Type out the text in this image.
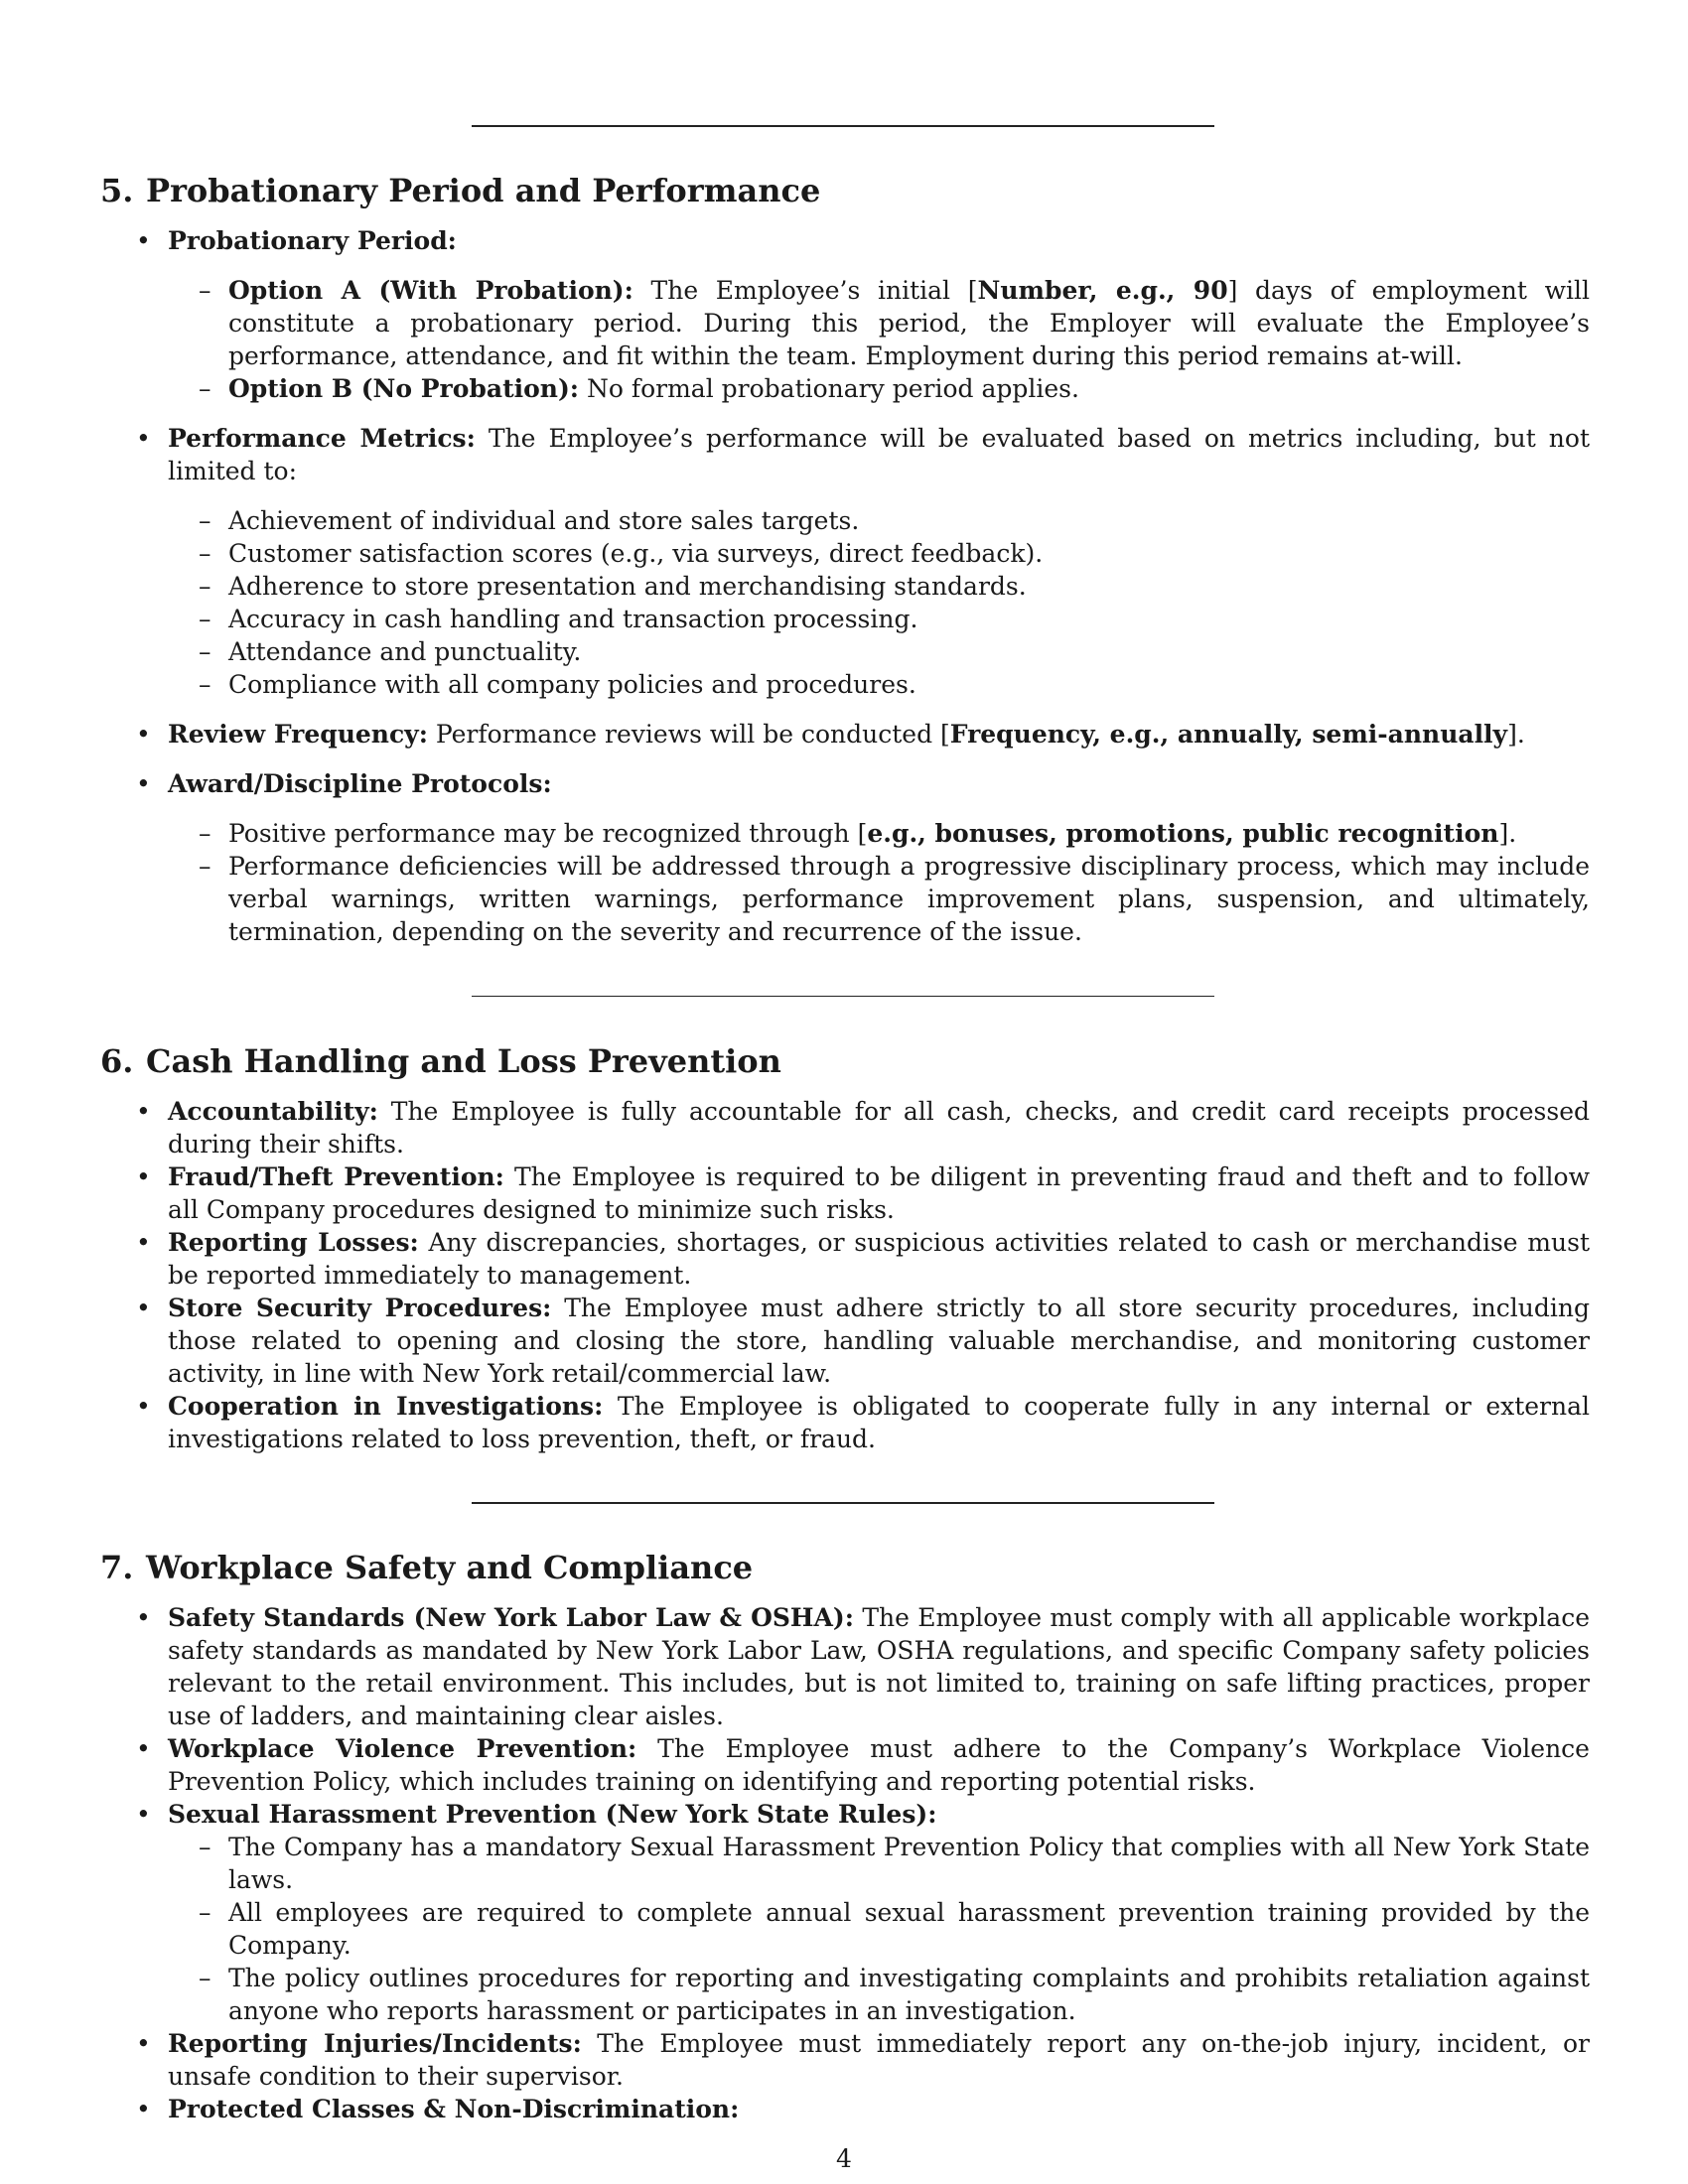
5. Probationary Period and Performance
• Probationary Period:
– Option A (With Probation): The Employee’s initial [Number, e.g., 90] days of employment will constitute a probationary period. During this period, the Employer will evaluate the Employee’s performance, attendance, and fit within the team. Employment during this period remains at-will.
– Option B (No Probation): No formal probationary period applies.
• Performance Metrics: The Employee’s performance will be evaluated based on metrics including, but not limited to:
– Achievement of individual and store sales targets.
– Customer satisfaction scores (e.g., via surveys, direct feedback).
– Adherence to store presentation and merchandising standards.
– Accuracy in cash handling and transaction processing.
– Attendance and punctuality.
– Compliance with all company policies and procedures.
• Review Frequency: Performance reviews will be conducted [Frequency, e.g., annually, semi-annually].
• Award/Discipline Protocols:
– Positive performance may be recognized through [e.g., bonuses, promotions, public recognition].
– Performance deficiencies will be addressed through a progressive disciplinary process, which may include verbal warnings, written warnings, performance improvement plans, suspension, and ultimately, termination, depending on the severity and recurrence of the issue.
6. Cash Handling and Loss Prevention
• Accountability: The Employee is fully accountable for all cash, checks, and credit card receipts processed during their shifts.
• Fraud/Theft Prevention: The Employee is required to be diligent in preventing fraud and theft and to follow all Company procedures designed to minimize such risks.
• Reporting Losses: Any discrepancies, shortages, or suspicious activities related to cash or merchandise must be reported immediately to management.
• Store Security Procedures: The Employee must adhere strictly to all store security procedures, including those related to opening and closing the store, handling valuable merchandise, and monitoring customer activity, in line with New York retail/commercial law.
• Cooperation in Investigations: The Employee is obligated to cooperate fully in any internal or external investigations related to loss prevention, theft, or fraud.
7. Workplace Safety and Compliance
• Safety Standards (New York Labor Law & OSHA): The Employee must comply with all applicable workplace safety standards as mandated by New York Labor Law, OSHA regulations, and specific Company safety policies relevant to the retail environment. This includes, but is not limited to, training on safe lifting practices, proper use of ladders, and maintaining clear aisles.
• Workplace Violence Prevention: The Employee must adhere to the Company’s Workplace Violence Prevention Policy, which includes training on identifying and reporting potential risks.
• Sexual Harassment Prevention (New York State Rules):
– The Company has a mandatory Sexual Harassment Prevention Policy that complies with all New York State laws.
– All employees are required to complete annual sexual harassment prevention training provided by the Company.
– The policy outlines procedures for reporting and investigating complaints and prohibits retaliation against anyone who reports harassment or participates in an investigation.
• Reporting Injuries/Incidents: The Employee must immediately report any on-the-job injury, incident, or unsafe condition to their supervisor.
• Protected Classes & Non-Discrimination:
4
